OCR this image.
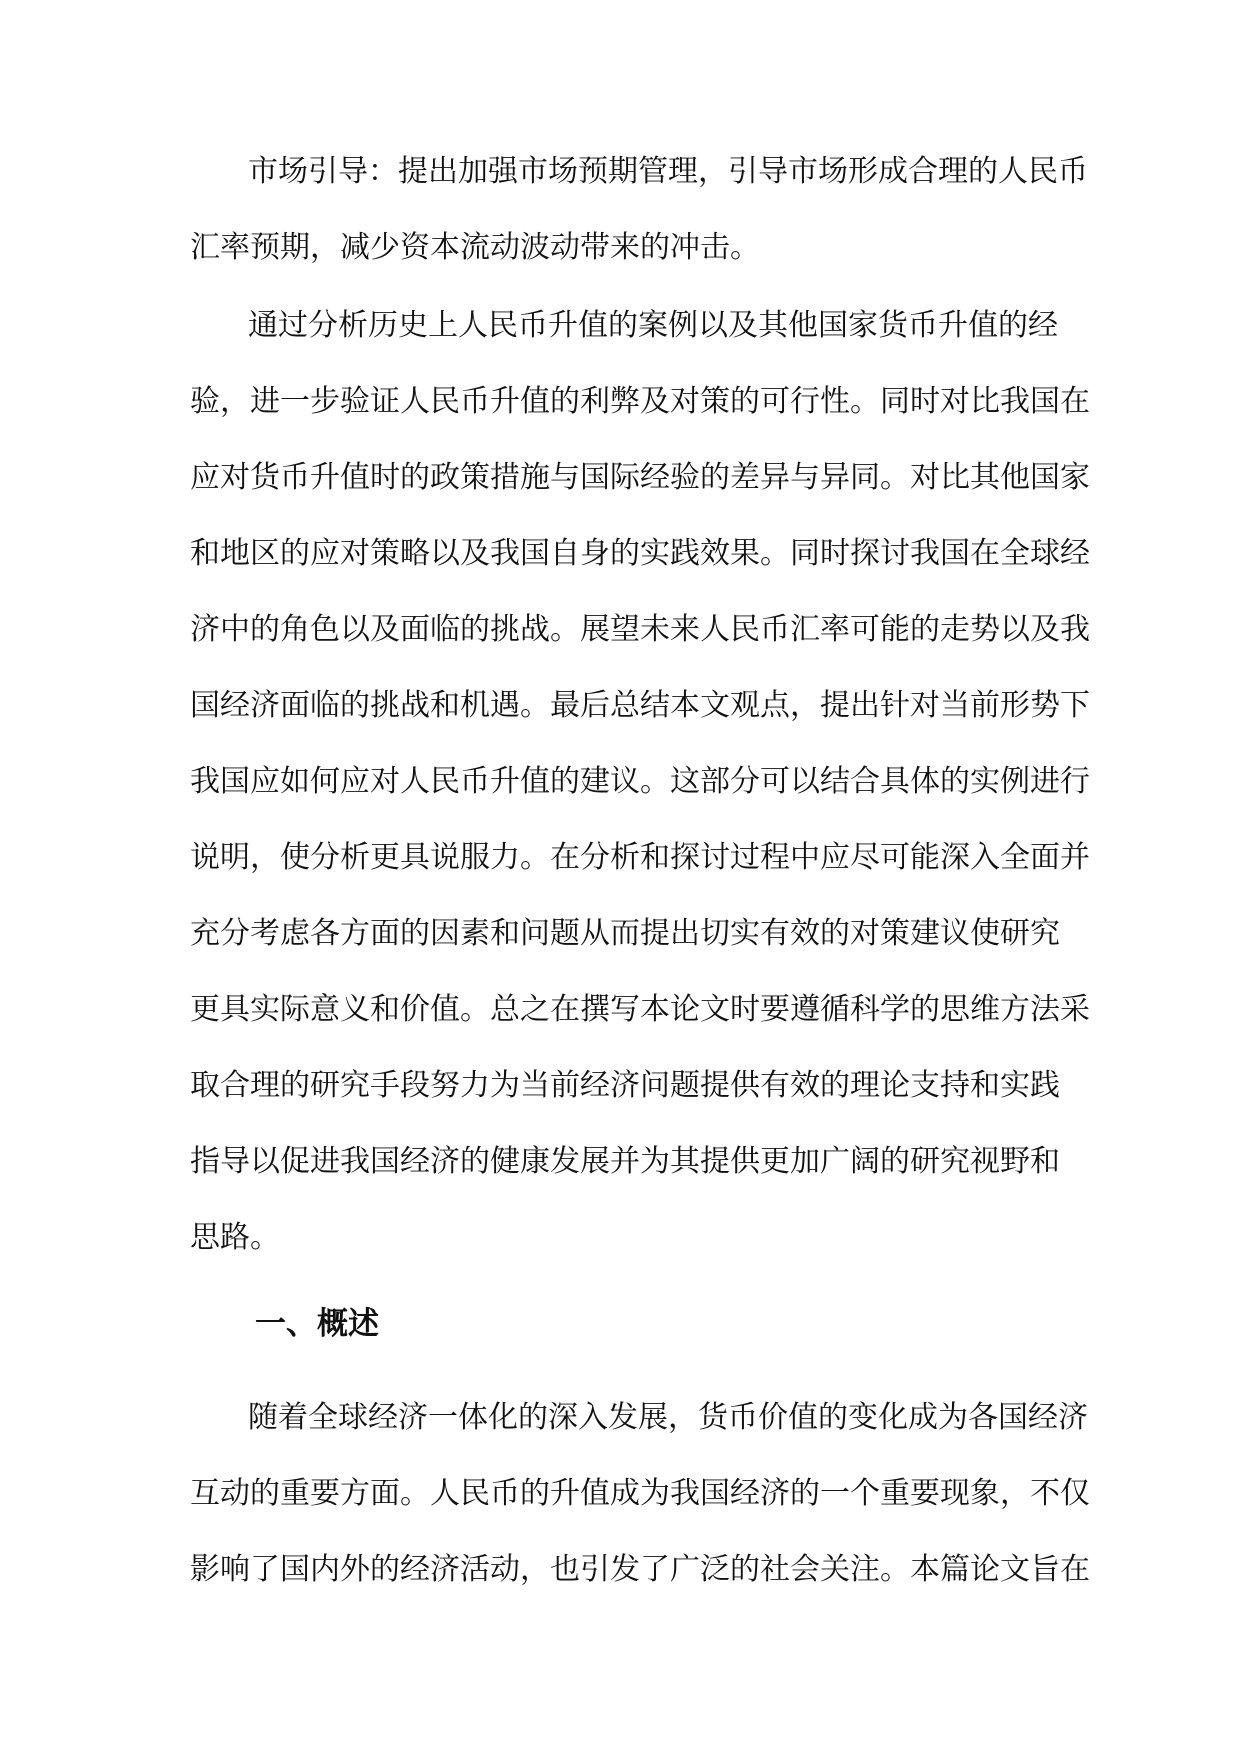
市场引导：提出加强市场预期管理，引导市场形成合理的人民币
汇率预期，减少资本流动波动带来的冲击。
通过分析历史上人民币升值的案例以及其他国家货币升值的经
验，进一步验证人民币升值的利弊及对策的可行性。同时对比我国在
应对货币升值时的政策措施与国际经验的差异与异同。对比其他国家
和地区的应对策略以及我国自身的实践效果。同时探讨我国在全球经
济中的角色以及面临的挑战。展望未来人民币汇率可能的走势以及我
国经济面临的挑战和机遇。最后总结本文观点，提出针对当前形势下
我国应如何应对人民币升值的建议。这部分可以结合具体的实例进行
说明，使分析更具说服力。在分析和探讨过程中应尽可能深入全面并
充分考虑各方面的因素和问题从而提出切实有效的对策建议使研究
更具实际意义和价值。总之在撰写本论文时要遵循科学的思维方法采
取合理的研究手段努力为当前经济问题提供有效的理论支持和实践
指导以促进我国经济的健康发展并为其提供更加广阔的研究视野和
思路。
一、概述
随着全球经济一体化的深入发展，货币价值的变化成为各国经济
互动的重要方面。人民币的升值成为我国经济的一个重要现象，不仅
影响了国内外的经济活动，也引发了广泛的社会关注。本篇论文旨在
